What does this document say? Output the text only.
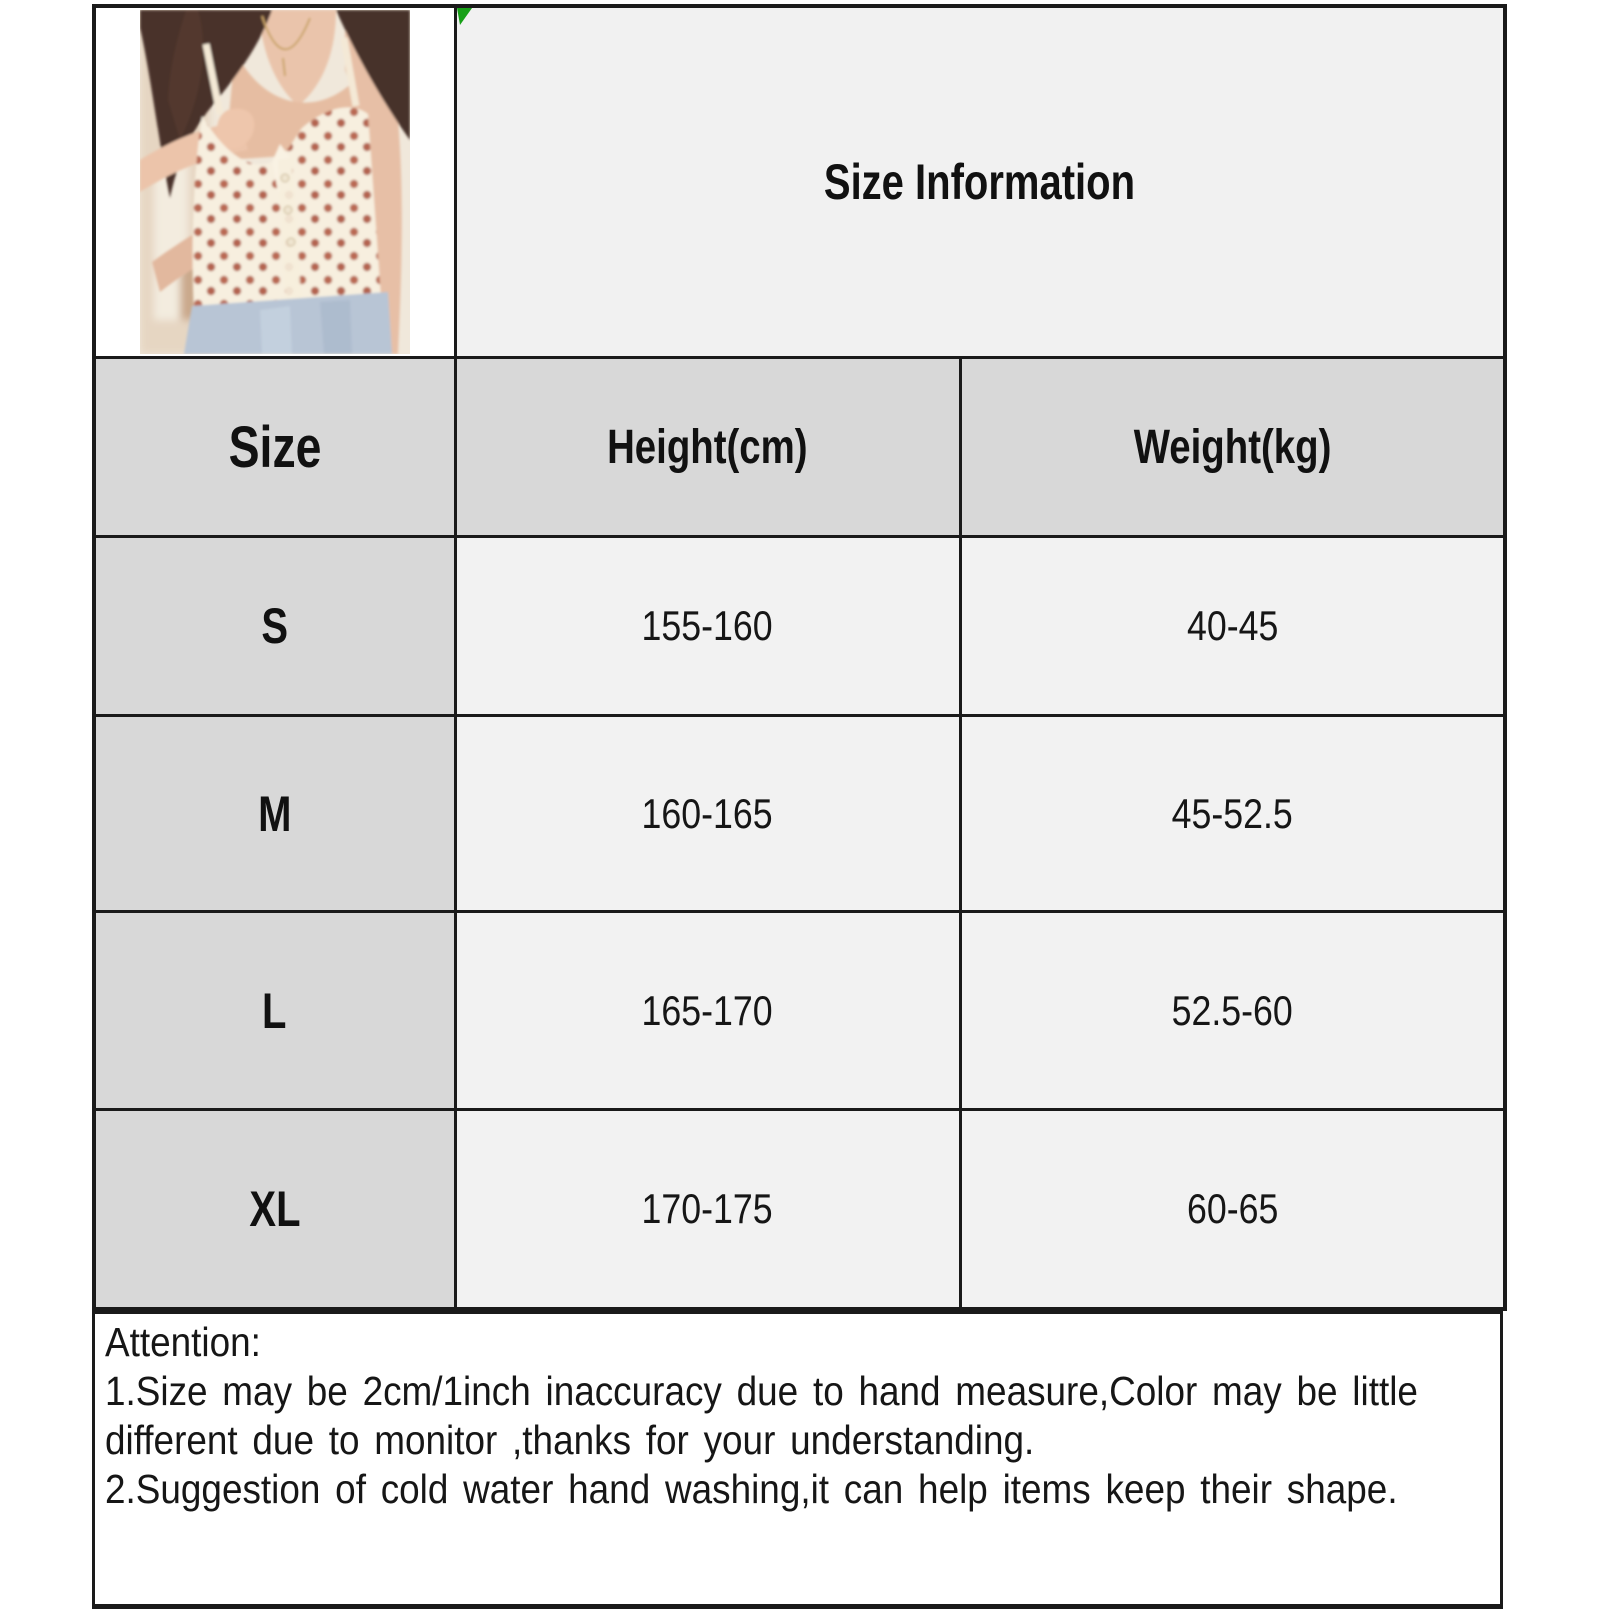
Size Information	
Size	Height(cm)	Weight(kg)
S	155-160	40-45
M	160-165	45-52.5
L	165-170	52.5-60
XL	170-175	60-65
Attention:
1.Size may be 2cm/1inch inaccuracy due to hand measure,Color may be little
different due to monitor ,thanks for your understanding.
2.Suggestion of cold water hand washing,it can help items keep their shape.
